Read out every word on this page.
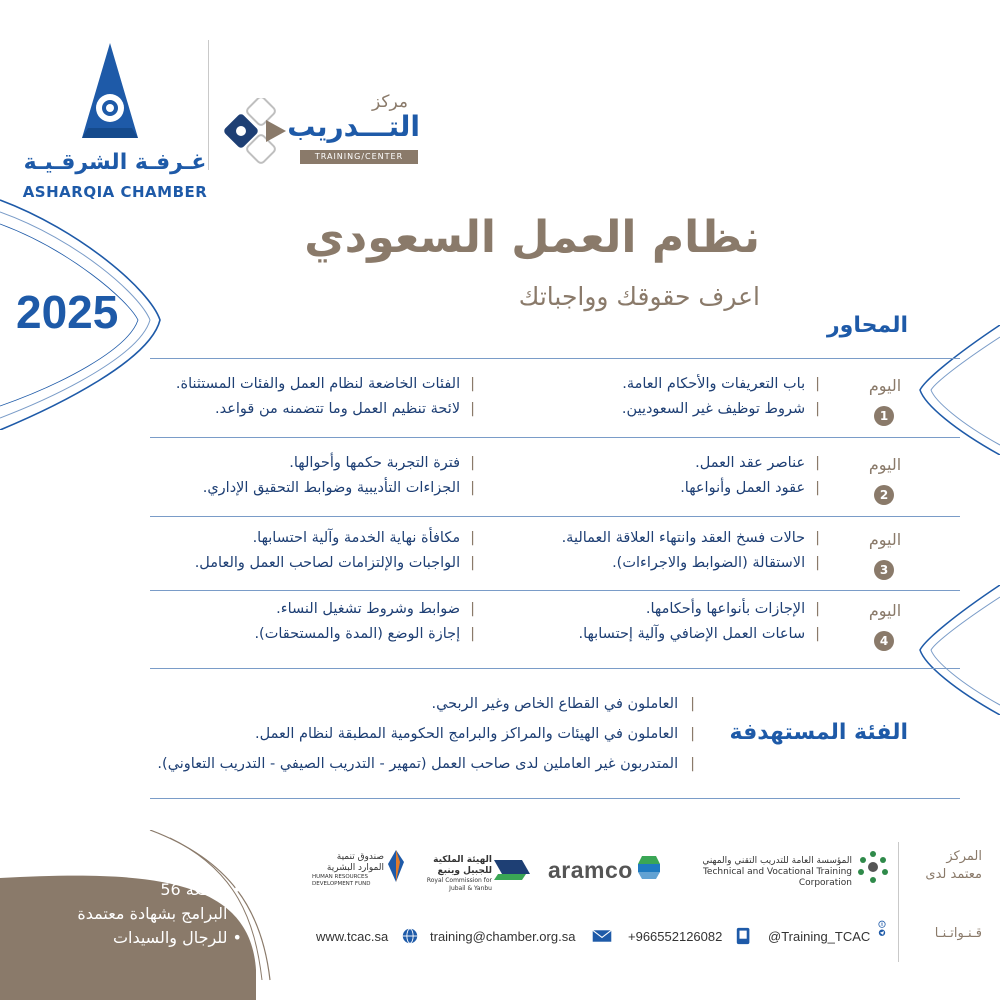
غـرفـة الشرقـيـة
ASHARQIA CHAMBER
مركز
التـــدريب
TRAINING/CENTER
نظام العمل السعودي
اعرف حقوقك وواجباتك
2025	المحاور
اليوم
1
| باب التعريفات والأحكام العامة.
| شروط توظيف غير السعوديين.
| الفئات الخاضعة لنظام العمل والفئات المستثناة.
| لائحة تنظيم العمل وما تتضمنه من قواعد.
اليوم
2
| عناصر عقد العمل.
| عقود العمل وأنواعها.
| فترة التجربة حكمها وأحوالها.
| الجزاءات التأديبية وضوابط التحقيق الإداري.
اليوم
3
| حالات فسخ العقد وانتهاء العلاقة العمالية.
| الاستقالة (الضوابط والاجراءات).
| مكافأة نهاية الخدمة وآلية احتسابها.
| الواجبات والإلتزامات لصاحب العمل والعامل.
اليوم
4
| الإجازات بأنواعها وأحكامها.
| ساعات العمل الإضافي وآلية إحتسابها.
| ضوابط وشروط تشغيل النساء.
| إجازة الوضع (المدة والمستحقات).
الفئة المستهدفة
| العاملون في القطاع الخاص وغير الربحي.
| العاملون في الهيئات والمراكز والبرامج الحكومية المطبقة لنظام العمل.
| المتدربون غير العاملين لدى صاحب العمل (تمهير - التدريب الصيفي - التدريب التعاوني).
المركز معتمد لدى
المؤسسة العامة للتدريب التقني والمهني
Technical and Vocational Training Corporation
aramco
الهيئة الملكية للجبيل وينبع
Royal Commission for Jubail & Yanbu
صندوق تنمية الموارد البشرية
HUMAN RESOURCES DEVELOPMENT FUND
قـنـواتـنـا
X
@Training_TCAC
+966552126082
training@chamber.org.sa
www.tcac.sa
• الدفعة 56
• البرامج بشهادة معتمدة
• للرجال والسيدات
